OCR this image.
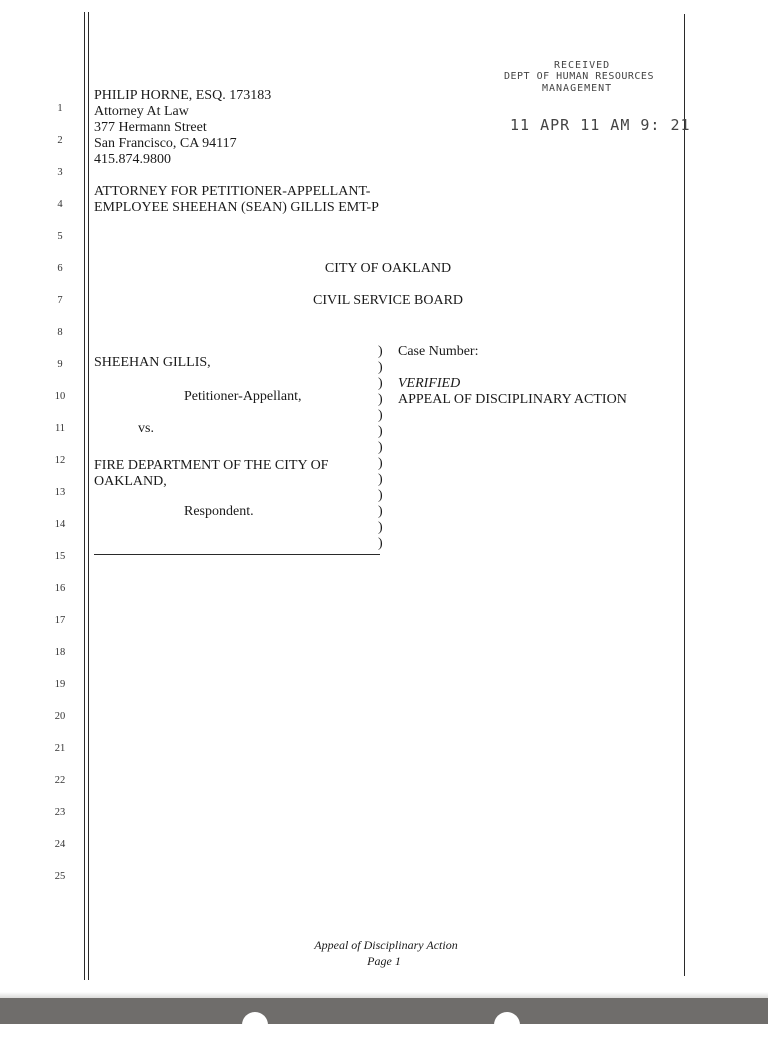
RECEIVED
DEPT OF HUMAN RESOURCES
MANAGEMENT
11 APR 11 AM 9: 21
1
2
3
4
5
6
7
8
9
10
11
12
13
14
15
16
17
18
19
20
21
22
23
24
25
PHILIP HORNE, ESQ. 173183
Attorney At Law
377 Hermann Street
San Francisco, CA 94117
415.874.9800
ATTORNEY FOR PETITIONER-APPELLANT-
EMPLOYEE SHEEHAN (SEAN) GILLIS EMT-P
CITY OF OAKLAND
CIVIL SERVICE BOARD
SHEEHAN GILLIS,
Petitioner-Appellant,
vs.
FIRE DEPARTMENT OF THE CITY OF
OAKLAND,
Respondent.
)
)
)
)
)
)
)
)
)
)
)
)
)
Case Number:
VERIFIED
APPEAL OF DISCIPLINARY ACTION
Appeal of Disciplinary Action
Page 1
